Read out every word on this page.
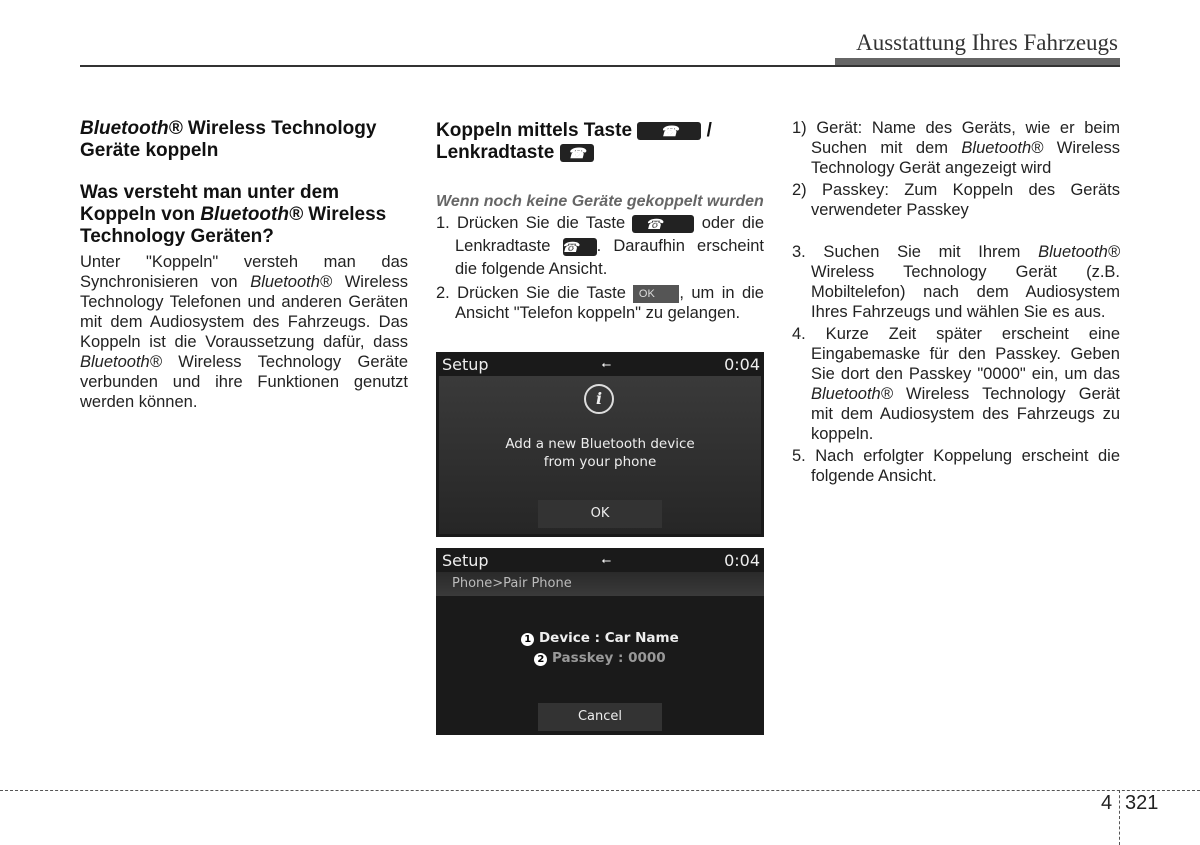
Ausstattung Ihres Fahrzeugs
Bluetooth® Wireless Technology Geräte koppeln
Was versteht man unter dem Koppeln von Bluetooth® Wireless Technology Geräten?
Unter "Koppeln" versteh man das Synchronisieren von Bluetooth® Wireless Technology Telefonen und anderen Geräten mit dem Audiosystem des Fahrzeugs. Das Koppeln ist die Voraussetzung dafür, dass Bluetooth® Wireless Technology Geräte verbunden und ihre Funktionen genutzt werden können.
Koppeln mittels Taste ☎ /
Lenkradtaste ☎
Wenn noch keine Geräte gekoppelt wurden
1. Drücken Sie die Taste ☎ oder die Lenkradtaste ☎ . Daraufhin erscheint die folgende Ansicht.
2. Drücken Sie die Taste OK , um in die Ansicht "Telefon koppeln" zu gelangen.
Setup	⭠	0:04
i
Add a new Bluetooth device
from your phone
OK
Setup	⭠	0:04
Phone>Pair Phone
1 Device : Car Name
2 Passkey : 0000
Cancel
1) Gerät: Name des Geräts, wie er beim Suchen mit dem Bluetooth® Wireless Technology Gerät angezeigt wird
2) Passkey: Zum Koppeln des Geräts verwendeter Passkey
3. Suchen Sie mit Ihrem Bluetooth® Wireless Technology Gerät (z.B. Mobiltelefon) nach dem Audiosystem Ihres Fahrzeugs und wählen Sie es aus.
4. Kurze Zeit später erscheint eine Eingabemaske für den Passkey. Geben Sie dort den Passkey "0000" ein, um das Bluetooth® Wireless Technology Gerät mit dem Audiosystem des Fahrzeugs zu koppeln.
5. Nach erfolgter Koppelung erscheint die folgende Ansicht.
4 321
